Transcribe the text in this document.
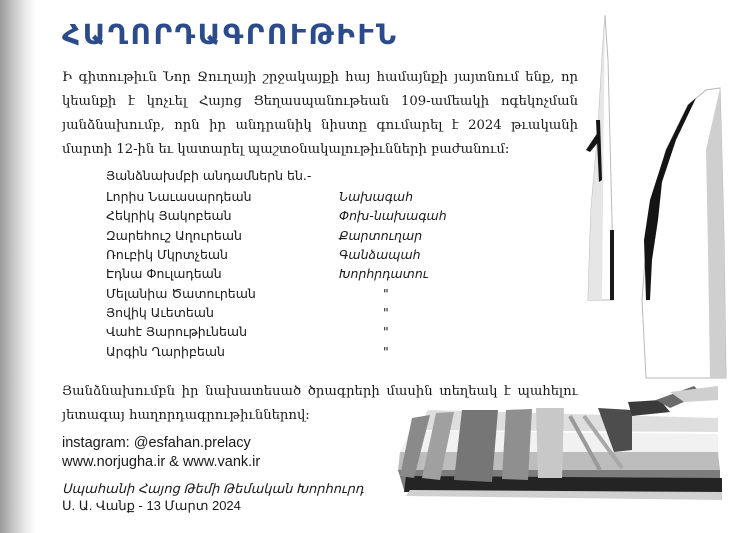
ՀԱՂՈՐԴԱԳՐՈՒԹԻՒՆ

Ի գիտութիւն Նոր Ջուղայի շրջակայքի հայ համայնքի յայտնում ենք, որ կեանքի է կոչւել Հայոց Ցեղասպանութեան 109-ամեակի ոգեկոչման յանձնախումբ, որն իր անդրանիկ նիստը գումարել է 2024 թւականի մարտի 12-ին եւ կատարել պաշտօնակալութիւնների բաժանում։

Յանձնախմբի անդամներն են.-

Լորիս Նաւասարդեան	Նախագահ
Հեկրիկ Յակոբեան	Փոխ-նախագահ
Զարեհուշ Աղուրեան	Քարտուղար
Ռուբիկ Մկրտչեան	Գանձապահ
Էդնա Փուլադեան	Խորհրդատու
Մելանիա Ծատուրեան	"
Յովիկ Աւետեան	"
Վահէ Յարութիւնեան	"
Արգին Ղարիբեան	"

Յանձնախումբն իր նախատեսած ծրագրերի մասին տեղեակ է պահելու յետագայ հաղորդագրութիւններով։

instagram: @esfahan.prelacy
www.norjugha.ir & www.vank.ir
Սպահանի Հայոց Թեմի Թեմական Խորհուրդ
Ս. Ա. Վանք - 13 Մարտ 2024
